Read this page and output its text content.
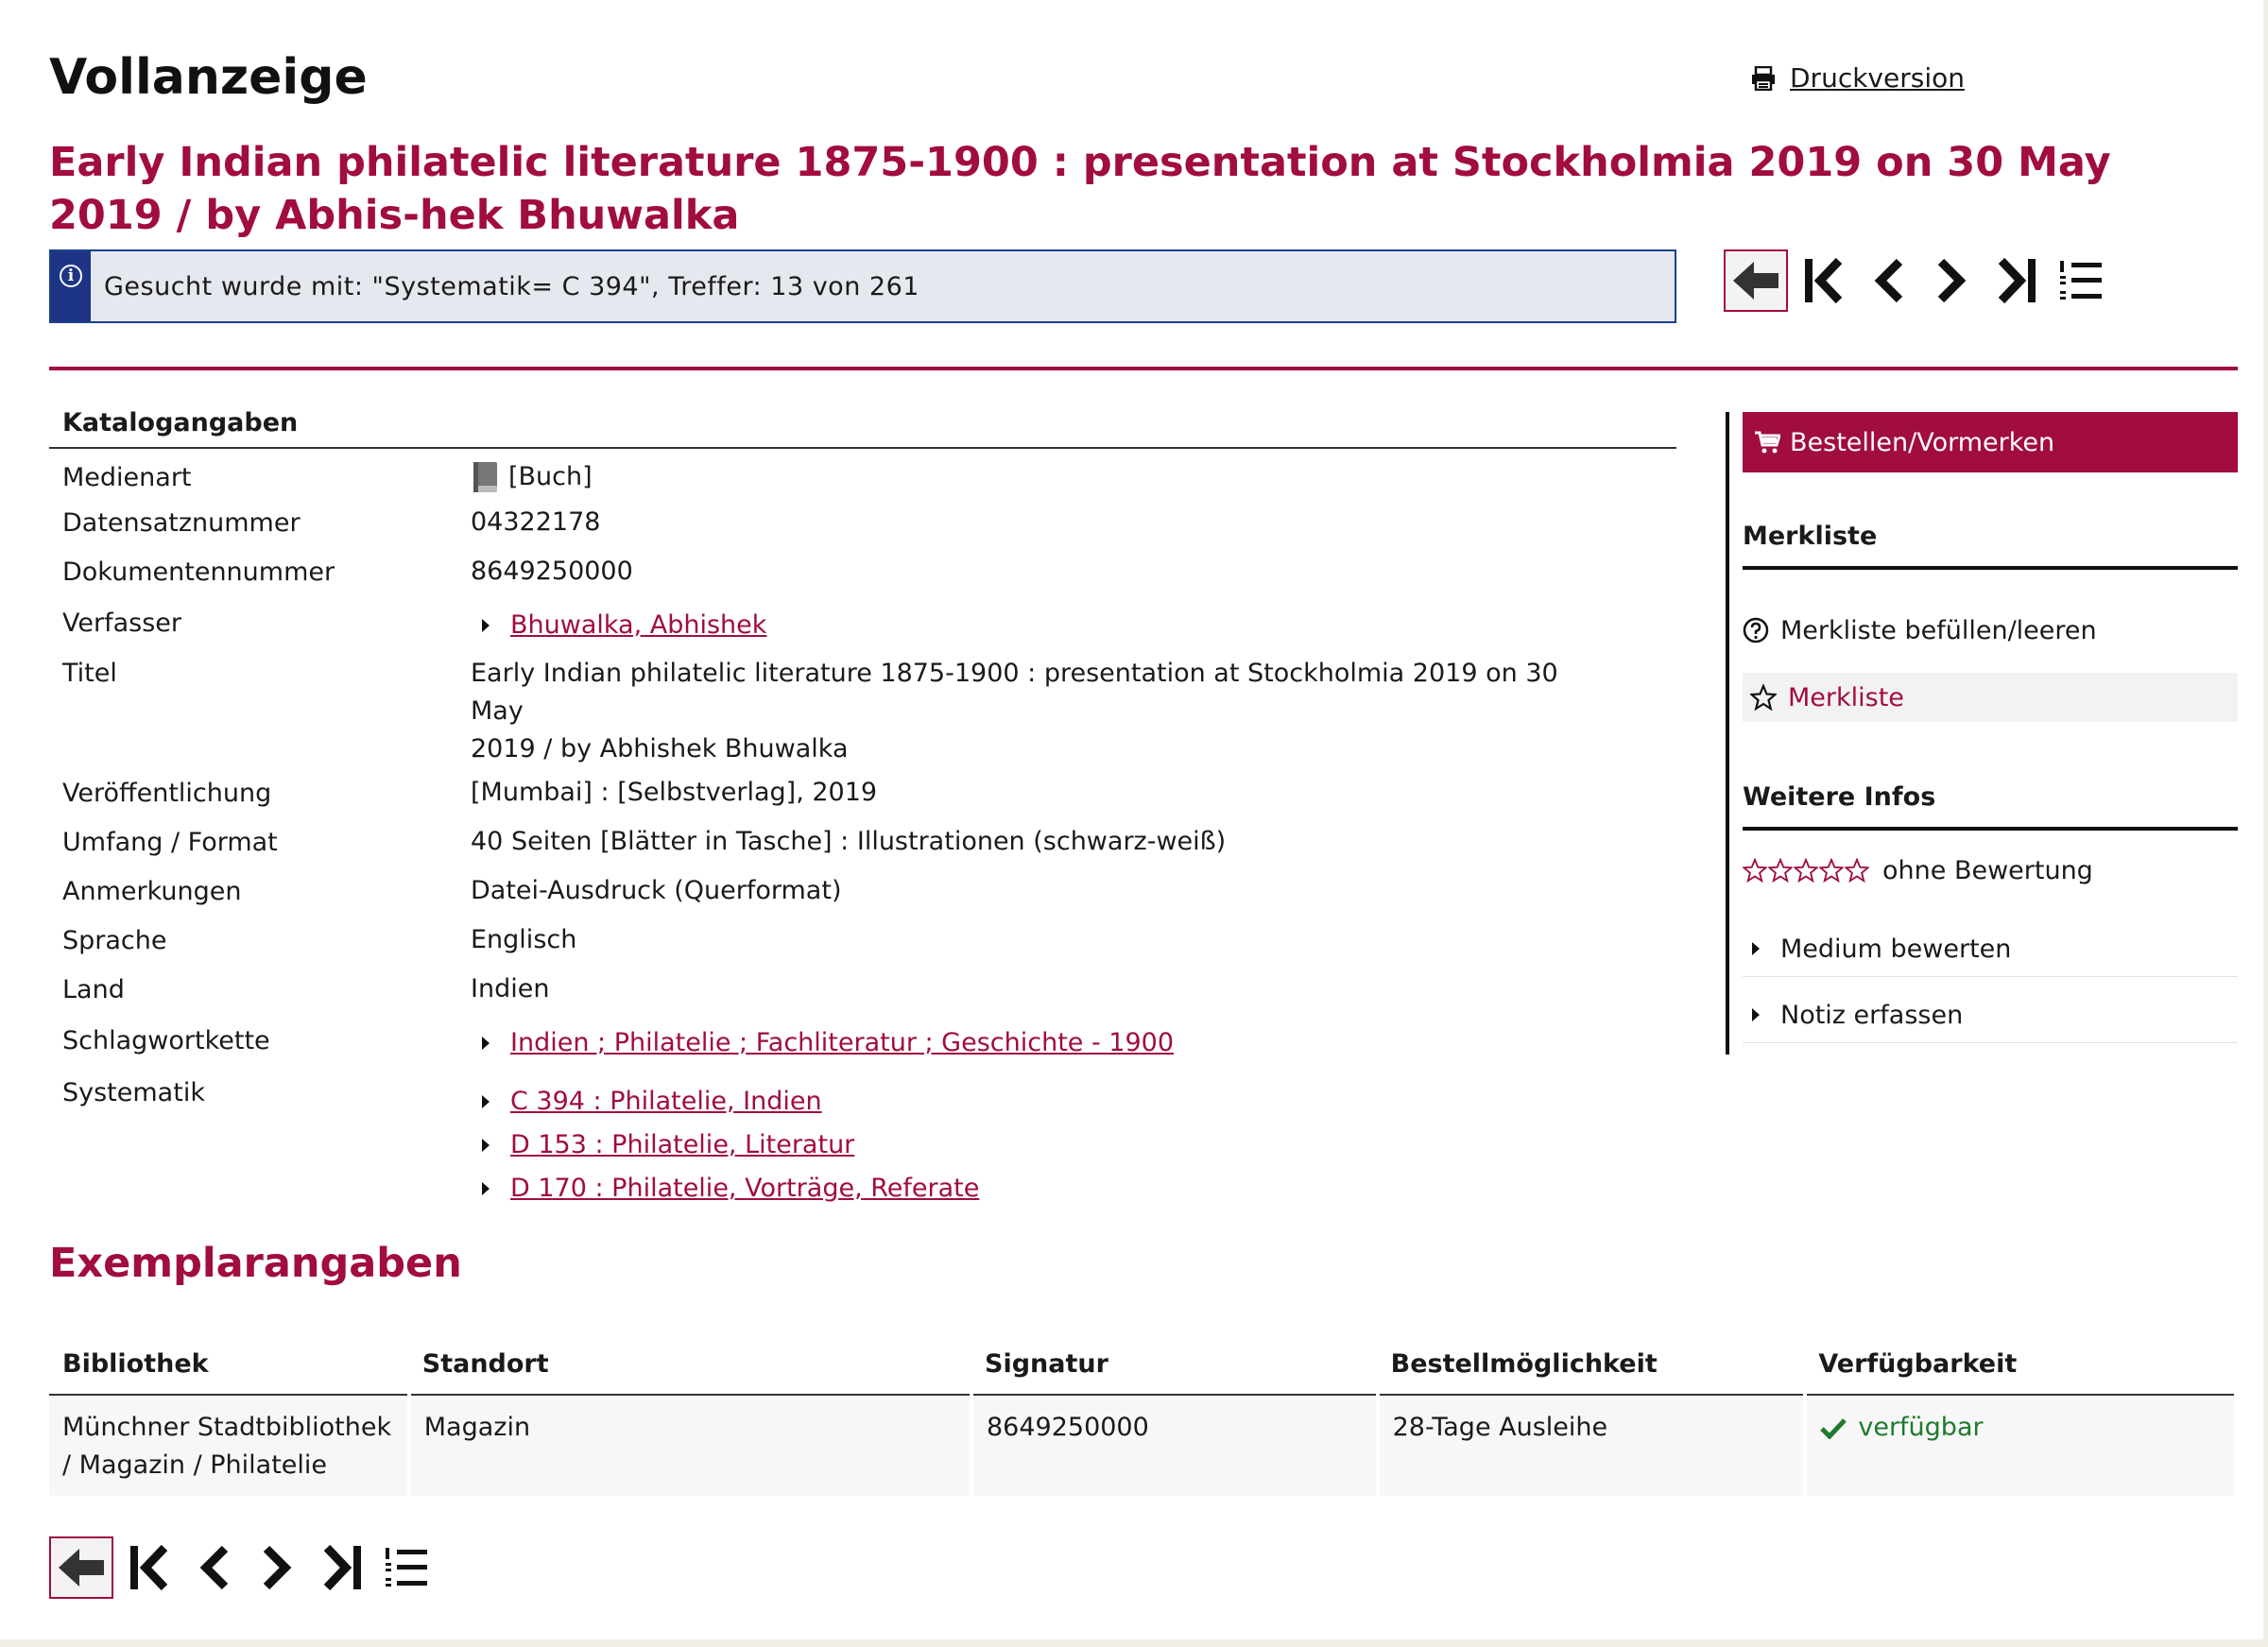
Vollanzeige	Druckversion
Early Indian philatelic literature 1875-1900 : presentation at Stockholmia 2019 on 30 May 2019 / by Abhis-hek Bhuwalka
i	Gesucht wurde mit: "Systematik= C 394", Treffer: 13 von 261
Katalogangaben
Medienart	[Buch]
Datensatznummer	04322178
Dokumentennummer	8649250000
Verfasser	Bhuwalka, Abhishek
Titel	Early Indian philatelic literature 1875-1900 : presentation at Stockholmia 2019 on 30 May
2019 / by Abhishek Bhuwalka
Veröffentlichung	[Mumbai] : [Selbstverlag], 2019
Umfang / Format	40 Seiten [Blätter in Tasche] : Illustrationen (schwarz-weiß)
Anmerkungen	Datei-Ausdruck (Querformat)
Sprache	Englisch
Land	Indien
Schlagwortkette	Indien ; Philatelie ; Fachliteratur ; Geschichte - 1900
Systematik	C 394 : Philatelie, Indien
D 153 : Philatelie, Literatur
D 170 : Philatelie, Vorträge, Referate
Bestellen/Vormerken
Merkliste
Merkliste befüllen/leeren
Merkliste
Weitere Infos
ohne Bewertung
Medium bewerten
Notiz erfassen
Exemplarangaben
Bibliothek	Standort	Signatur	Bestellmöglichkeit	Verfügbarkeit

Münchner Stadtbibliothek
/ Magazin / Philatelie	Magazin	8649250000	28-Tage Ausleihe	verfügbar
